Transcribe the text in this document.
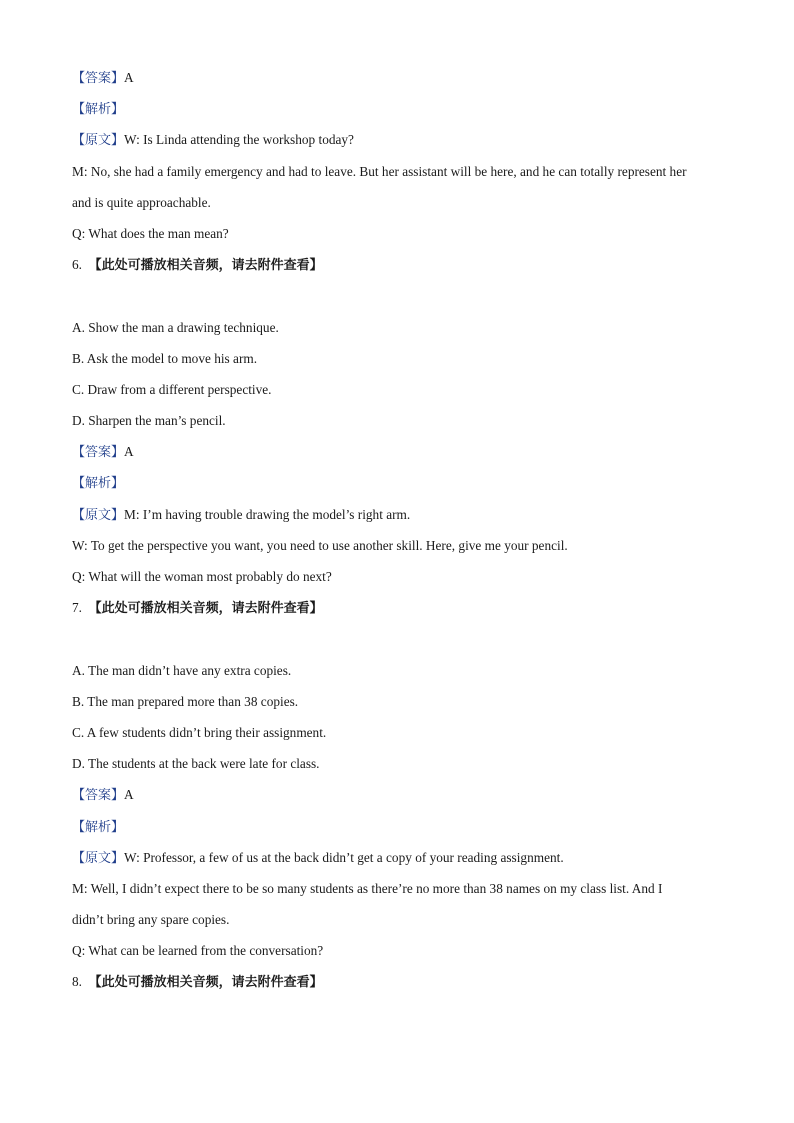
【答案】A
【解析】
【原文】W: Is Linda attending the workshop today?
M: No, she had a family emergency and had to leave. But her assistant will be here, and he can totally represent her
and is quite approachable.
Q: What does the man mean?
6. 【此处可播放相关音频，请去附件查看】
A. Show the man a drawing technique.
B. Ask the model to move his arm.
C. Draw from a different perspective.
D. Sharpen the man’s pencil.
【答案】A
【解析】
【原文】M: I’m having trouble drawing the model’s right arm.
W: To get the perspective you want, you need to use another skill. Here, give me your pencil.
Q: What will the woman most probably do next?
7. 【此处可播放相关音频，请去附件查看】
A. The man didn’t have any extra copies.
B. The man prepared more than 38 copies.
C. A few students didn’t bring their assignment.
D. The students at the back were late for class.
【答案】A
【解析】
【原文】W: Professor, a few of us at the back didn’t get a copy of your reading assignment.
M: Well, I didn’t expect there to be so many students as there’re no more than 38 names on my class list. And I
didn’t bring any spare copies.
Q: What can be learned from the conversation?
8. 【此处可播放相关音频，请去附件查看】
